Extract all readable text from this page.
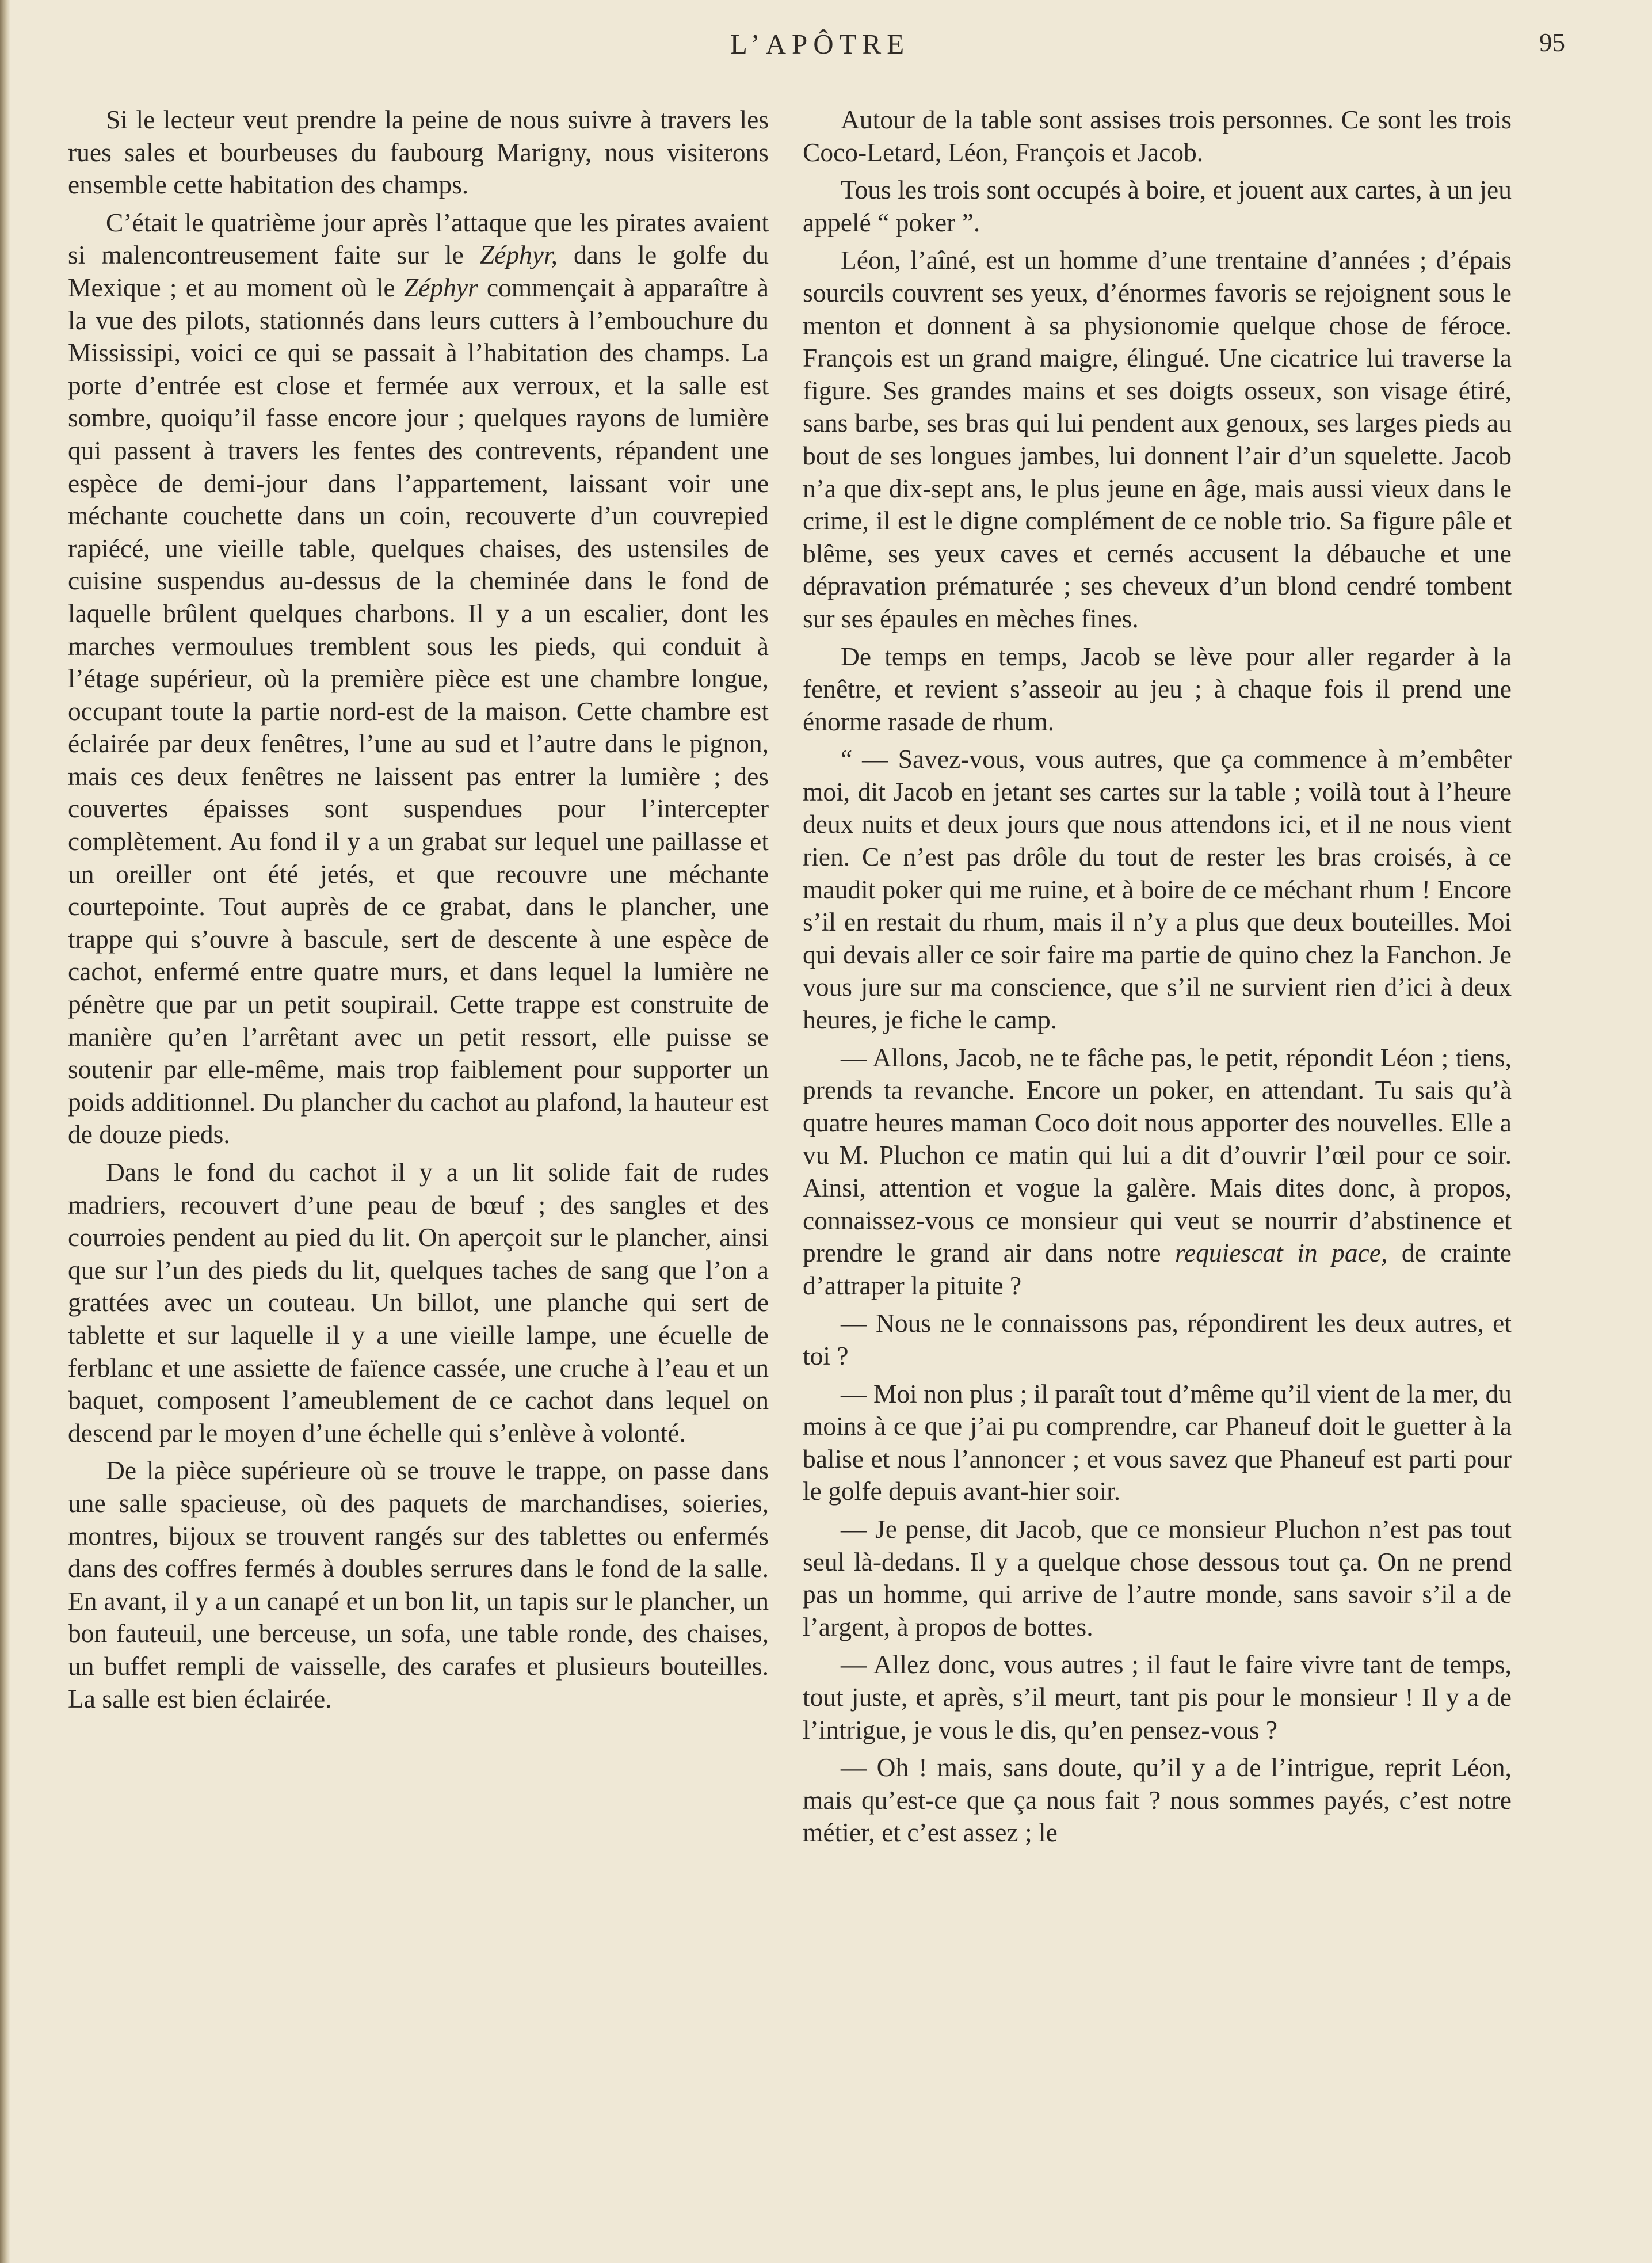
L’APÔTRE	95

Si le lecteur veut prendre la peine de nous suivre à travers les rues sales et bourbeuses du faubourg Marigny, nous visiterons ensemble cette habitation des champs.

C’était le quatrième jour après l’attaque que les pirates avaient si malencontreusement faite sur le Zéphyr, dans le golfe du Mexique ; et au moment où le Zéphyr commençait à apparaître à la vue des pilots, stationnés dans leurs cutters à l’embouchure du Mississipi, voici ce qui se passait à l’habitation des champs. La porte d’entrée est close et fermée aux verroux, et la salle est sombre, quoiqu’il fasse encore jour ; quelques rayons de lumière qui passent à travers les fentes des contrevents, répandent une espèce de demi-jour dans l’appartement, laissant voir une méchante couchette dans un coin, recouverte d’un couvrepied rapiécé, une vieille table, quelques chaises, des ustensiles de cuisine suspendus au-dessus de la cheminée dans le fond de laquelle brûlent quelques charbons. Il y a un escalier, dont les marches vermoulues tremblent sous les pieds, qui conduit à l’étage supérieur, où la première pièce est une chambre longue, occupant toute la partie nord-est de la maison. Cette chambre est éclairée par deux fenêtres, l’une au sud et l’autre dans le pignon, mais ces deux fenêtres ne laissent pas entrer la lumière ; des couvertes épaisses sont suspendues pour l’intercepter complètement. Au fond il y a un grabat sur lequel une paillasse et un oreiller ont été jetés, et que recouvre une méchante courtepointe. Tout auprès de ce grabat, dans le plancher, une trappe qui s’ouvre à bascule, sert de descente à une espèce de cachot, enfermé entre quatre murs, et dans lequel la lumière ne pénètre que par un petit soupirail. Cette trappe est construite de manière qu’en l’arrêtant avec un petit ressort, elle puisse se soutenir par elle-même, mais trop faiblement pour supporter un poids additionnel. Du plancher du cachot au plafond, la hauteur est de douze pieds.

Dans le fond du cachot il y a un lit solide fait de rudes madriers, recouvert d’une peau de bœuf ; des sangles et des courroies pendent au pied du lit. On aperçoit sur le plancher, ainsi que sur l’un des pieds du lit, quelques taches de sang que l’on a grattées avec un couteau. Un billot, une planche qui sert de tablette et sur laquelle il y a une vieille lampe, une écuelle de ferblanc et une assiette de faïence cassée, une cruche à l’eau et un baquet, composent l’ameublement de ce cachot dans lequel on descend par le moyen d’une échelle qui s’enlève à volonté.

De la pièce supérieure où se trouve le trappe, on passe dans une salle spacieuse, où des paquets de marchandises, soieries, montres, bijoux se trouvent rangés sur des tablettes ou enfermés dans des coffres fermés à doubles serrures dans le fond de la salle. En avant, il y a un canapé et un bon lit, un tapis sur le plancher, un bon fauteuil, une berceuse, un sofa, une table ronde, des chaises, un buffet rempli de vaisselle, des carafes et plusieurs bouteilles. La salle est bien éclairée.

Autour de la table sont assises trois personnes. Ce sont les trois Coco-Letard, Léon, François et Jacob.

Tous les trois sont occupés à boire, et jouent aux cartes, à un jeu appelé “ poker ”.

Léon, l’aîné, est un homme d’une trentaine d’années ; d’épais sourcils couvrent ses yeux, d’énormes favoris se rejoignent sous le menton et donnent à sa physionomie quelque chose de féroce. François est un grand maigre, élingué. Une cicatrice lui traverse la figure. Ses grandes mains et ses doigts osseux, son visage étiré, sans barbe, ses bras qui lui pendent aux genoux, ses larges pieds au bout de ses longues jambes, lui donnent l’air d’un squelette. Jacob n’a que dix-sept ans, le plus jeune en âge, mais aussi vieux dans le crime, il est le digne complément de ce noble trio. Sa figure pâle et blême, ses yeux caves et cernés accusent la débauche et une dépravation prématurée ; ses cheveux d’un blond cendré tombent sur ses épaules en mèches fines.

De temps en temps, Jacob se lève pour aller regarder à la fenêtre, et revient s’asseoir au jeu ; à chaque fois il prend une énorme rasade de rhum.

“ — Savez-vous, vous autres, que ça commence à m’embêter moi, dit Jacob en jetant ses cartes sur la table ; voilà tout à l’heure deux nuits et deux jours que nous attendons ici, et il ne nous vient rien. Ce n’est pas drôle du tout de rester les bras croisés, à ce maudit poker qui me ruine, et à boire de ce méchant rhum ! Encore s’il en restait du rhum, mais il n’y a plus que deux bouteilles. Moi qui devais aller ce soir faire ma partie de quino chez la Fanchon. Je vous jure sur ma conscience, que s’il ne survient rien d’ici à deux heures, je fiche le camp.

— Allons, Jacob, ne te fâche pas, le petit, répondit Léon ; tiens, prends ta revanche. Encore un poker, en attendant. Tu sais qu’à quatre heures maman Coco doit nous apporter des nouvelles. Elle a vu M. Pluchon ce matin qui lui a dit d’ouvrir l’œil pour ce soir. Ainsi, attention et vogue la galère. Mais dites donc, à propos, connaissez-vous ce monsieur qui veut se nourrir d’abstinence et prendre le grand air dans notre requiescat in pace, de crainte d’attraper la pituite ?

— Nous ne le connaissons pas, répondirent les deux autres, et toi ?

— Moi non plus ; il paraît tout d’même qu’il vient de la mer, du moins à ce que j’ai pu comprendre, car Phaneuf doit le guetter à la balise et nous l’annoncer ; et vous savez que Phaneuf est parti pour le golfe depuis avant-hier soir.

— Je pense, dit Jacob, que ce monsieur Pluchon n’est pas tout seul là-dedans. Il y a quelque chose dessous tout ça. On ne prend pas un homme, qui arrive de l’autre monde, sans savoir s’il a de l’argent, à propos de bottes.

— Allez donc, vous autres ; il faut le faire vivre tant de temps, tout juste, et après, s’il meurt, tant pis pour le monsieur ! Il y a de l’intrigue, je vous le dis, qu’en pensez-vous ?

— Oh ! mais, sans doute, qu’il y a de l’intrigue, reprit Léon, mais qu’est-ce que ça nous fait ? nous sommes payés, c’est notre métier, et c’est assez ; le
